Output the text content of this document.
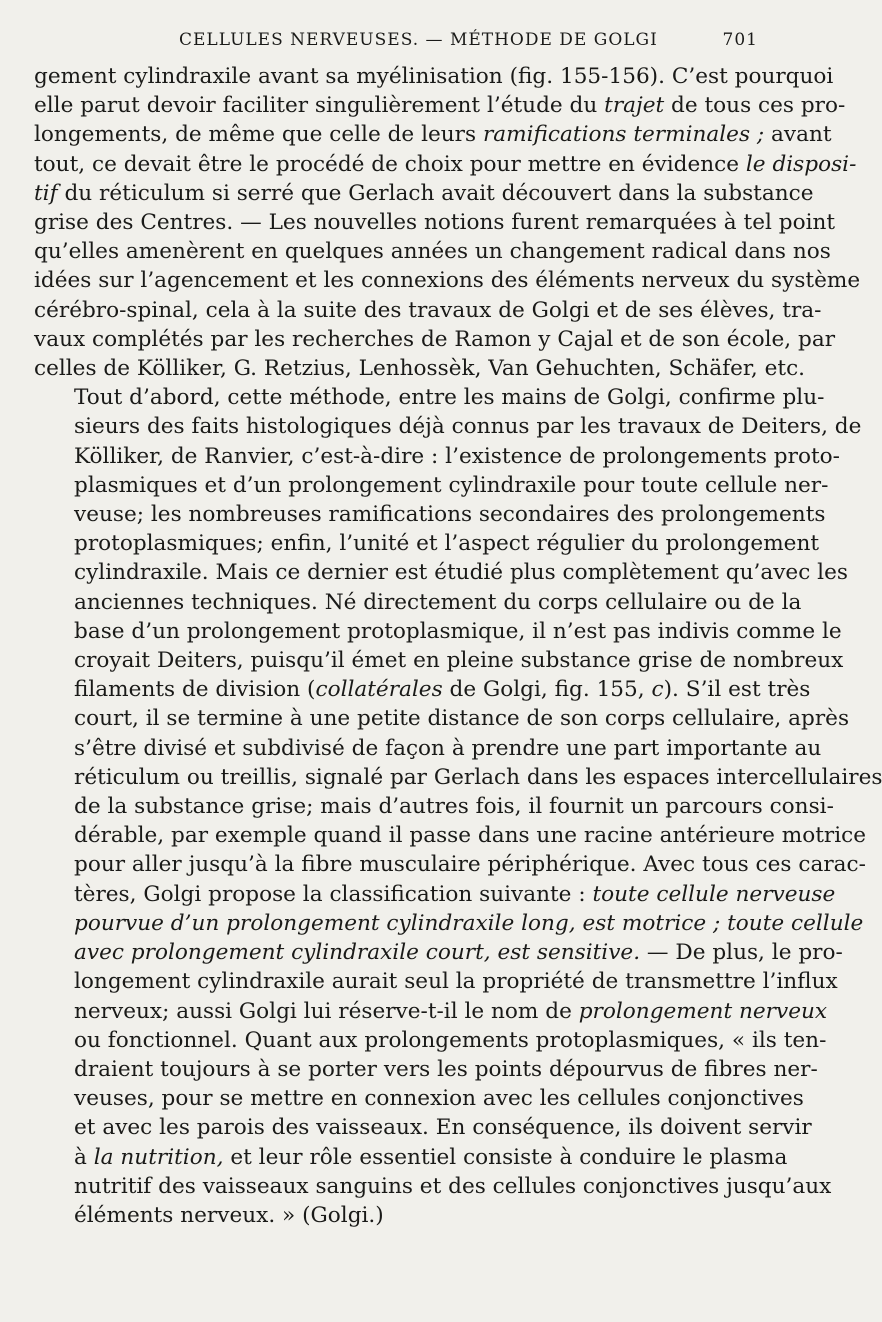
CELLULES NERVEUSES. — MÉTHODE DE GOLGI	701

gement cylindraxile avant sa myélinisation (fig. 155-156). C’est pourquoi
elle parut devoir faciliter singulièrement l’étude du trajet de tous ces pro-
longements, de même que celle de leurs ramifications terminales ; avant
tout, ce devait être le procédé de choix pour mettre en évidence le disposi-
tif du réticulum si serré que Gerlach avait découvert dans la substance
grise des Centres. — Les nouvelles notions furent remarquées à tel point
qu’elles amenèrent en quelques années un changement radical dans nos
idées sur l’agencement et les connexions des éléments nerveux du système
cérébro-spinal, cela à la suite des travaux de Golgi et de ses élèves, tra-
vaux complétés par les recherches de Ramon y Cajal et de son école, par
celles de Kölliker, G. Retzius, Lenhossèk, Van Gehuchten, Schäfer, etc.

Tout d’abord, cette méthode, entre les mains de Golgi, confirme plu-
sieurs des faits histologiques déjà connus par les travaux de Deiters, de
Kölliker, de Ranvier, c’est-à-dire : l’existence de prolongements proto-
plasmiques et d’un prolongement cylindraxile pour toute cellule ner-
veuse; les nombreuses ramifications secondaires des prolongements
protoplasmiques; enfin, l’unité et l’aspect régulier du prolongement
cylindraxile. Mais ce dernier est étudié plus complètement qu’avec les
anciennes techniques. Né directement du corps cellulaire ou de la
base d’un prolongement protoplasmique, il n’est pas indivis comme le
croyait Deiters, puisqu’il émet en pleine substance grise de nombreux
filaments de division (collatérales de Golgi, fig. 155, c). S’il est très
court, il se termine à une petite distance de son corps cellulaire, après
s’être divisé et subdivisé de façon à prendre une part importante au
réticulum ou treillis, signalé par Gerlach dans les espaces intercellulaires
de la substance grise; mais d’autres fois, il fournit un parcours consi-
dérable, par exemple quand il passe dans une racine antérieure motrice
pour aller jusqu’à la fibre musculaire périphérique. Avec tous ces carac-
tères, Golgi propose la classification suivante : toute cellule nerveuse
pourvue d’un prolongement cylindraxile long, est motrice ; toute cellule
avec prolongement cylindraxile court, est sensitive. — De plus, le pro-
longement cylindraxile aurait seul la propriété de transmettre l’influx
nerveux; aussi Golgi lui réserve-t-il le nom de prolongement nerveux
ou fonctionnel. Quant aux prolongements protoplasmiques, « ils ten-
draient toujours à se porter vers les points dépourvus de fibres ner-
veuses, pour se mettre en connexion avec les cellules conjonctives
et avec les parois des vaisseaux. En conséquence, ils doivent servir
à la nutrition, et leur rôle essentiel consiste à conduire le plasma
nutritif des vaisseaux sanguins et des cellules conjonctives jusqu’aux
éléments nerveux. » (Golgi.)
